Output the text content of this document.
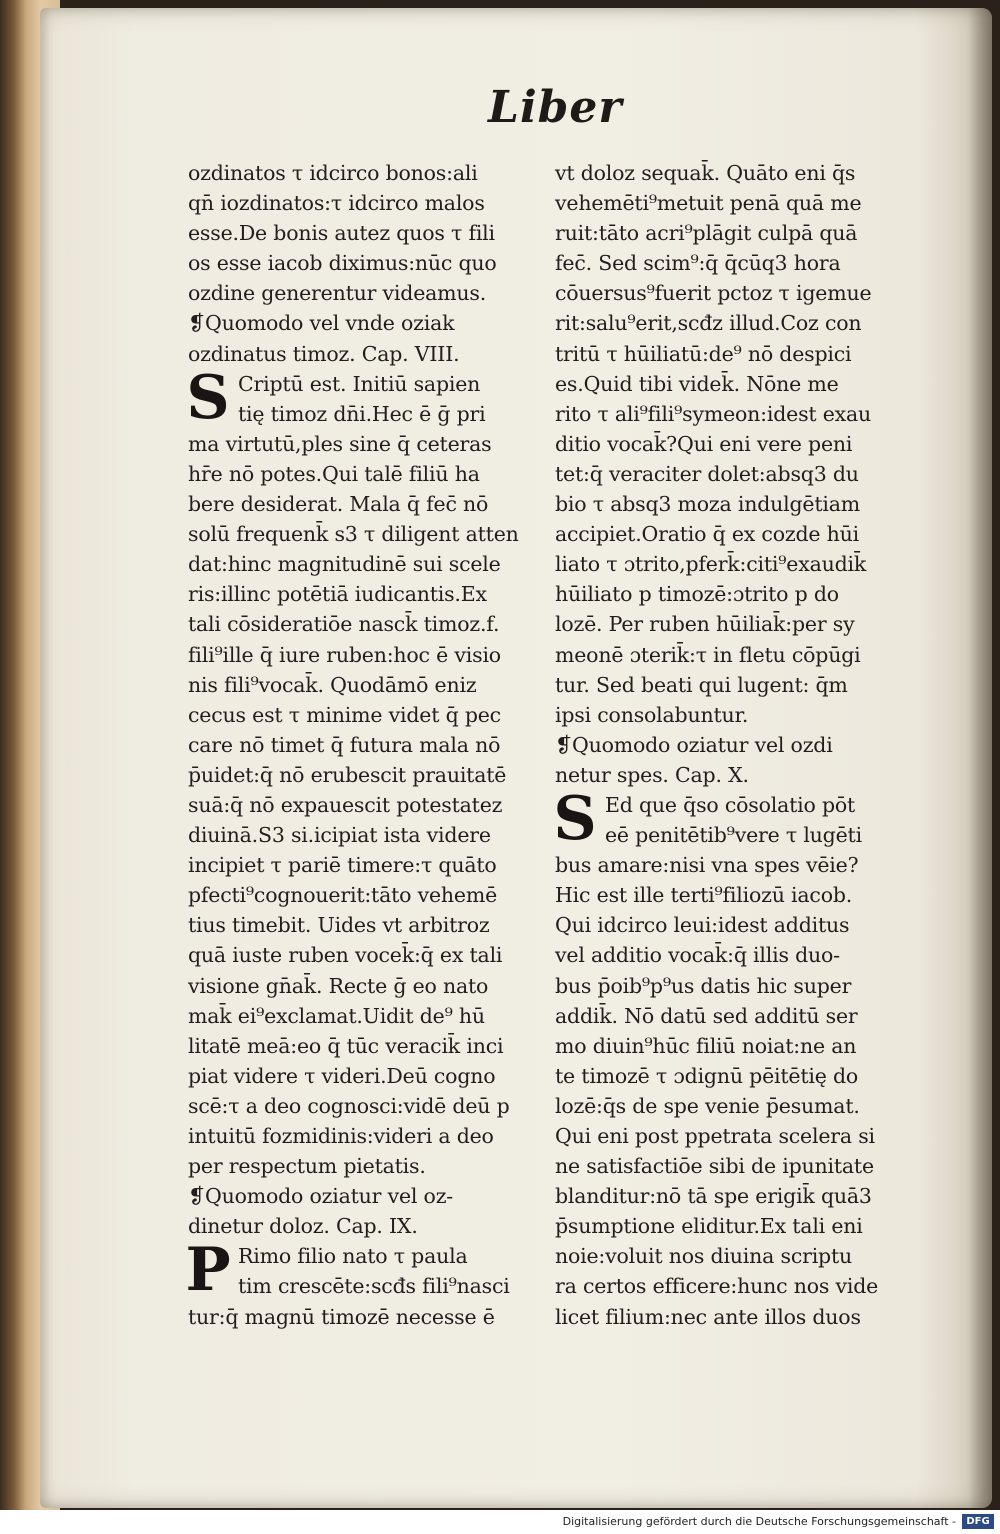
Liber
ozdinatos τ idcirco bonos:ali
qn̄ iozdinatos:τ idcirco malos
esse.De bonis autez quos τ fili
os esse iacob diximus:nūc quo
ozdine generentur videamus.
❡Quomodo vel vnde oziak
ozdinatus timoz. Cap. VIII.
S Criptū est. Initiū sapien
tię timoz dn̄i.Hec ē ḡ pri
ma virtutū,ples sine q̄ ceteras
hr̄e nō potes.Qui talē filiū ha
bere desiderat. Mala q̄ fec̄ nō
solū frequenk̄ s3 τ diligent atten
dat:hinc magnitudinē sui scele
ris:illinc potētiā iudicantis.Ex
tali cōsideratiōe nasck̄ timoz.f.
fili⁹ille q̄ iure ruben:hoc ē visio
nis fili⁹vocak̄. Quodāmō eniz
cecus est τ minime videt q̄ pec
care nō timet q̄ futura mala nō
p̄uidet:q̄ nō erubescit prauitatē
suā:q̄ nō expauescit potestatez
diuinā.S3 si.icipiat ista videre
incipiet τ pariē timere:τ quāto
pfecti⁹cognouerit:tāto vehemē
tius timebit. Uides vt arbitroz
quā iuste ruben vocek̄:q̄ ex tali
visione gn̄ak̄. Recte ḡ eo nato
mak̄ ei⁹exclamat.Uidit de⁹ hū
litatē meā:eo q̄ tūc veracik̄ inci
piat videre τ videri.Deū cogno
scē:τ a deo cognosci:vidē deū p
intuitū fozmidinis:videri a deo
per respectum pietatis.
❡Quomodo oziatur vel oz-
dinetur doloz. Cap. IX.
P Rimo filio nato τ paula
tim crescēte:scđs fili⁹nasci
tur:q̄ magnū timozē necesse ē
vt doloz sequak̄. Quāto eni q̄s
vehemēti⁹metuit penā quā me
ruit:tāto acri⁹plāgit culpā quā
fec̄. Sed scim⁹:q̄ q̄cūq3 hora
cōuersus⁹fuerit pctoz τ igemue
rit:salu⁹erit,scđz illud.Coz con
tritū τ hūiliatū:de⁹ nō despici
es.Quid tibi videk̄. Nōne me
rito τ ali⁹fili⁹symeon:idest exau
ditio vocak̄?Qui eni vere peni
tet:q̄ veraciter dolet:absq3 du
bio τ absq3 moza indulgētiam
accipiet.Oratio q̄ ex cozde hūi
liato τ ɔtrito,pferk̄:citi⁹exaudik̄
hūiliato p timozē:ɔtrito p do
lozē. Per ruben hūiliak̄:per sy
meonē ɔterik̄:τ in fletu cōpūgi
tur. Sed beati qui lugent: q̄m
ipsi consolabuntur.
❡Quomodo oziatur vel ozdi
netur spes. Cap. X.
S Ed que q̄so cōsolatio pōt
eē penitētib⁹vere τ lugēti
bus amare:nisi vna spes vēie?
Hic est ille terti⁹filiozū iacob.
Qui idcirco leui:idest additus
vel additio vocak̄:q̄ illis duo-
bus p̄oib⁹p⁹us datis hic super
addik̄. Nō datū sed additū ser
mo diuin⁹hūc filiū noiat:ne an
te timozē τ ɔdignū pēitētię do
lozē:q̄s de spe venie p̄esumat.
Qui eni post ppetrata scelera si
ne satisfactiōe sibi de ipunitate
blanditur:nō tā spe erigik̄ quā3
p̄sumptione eliditur.Ex tali eni
noie:voluit nos diuina scriptu
ra certos efficere:hunc nos vide
licet filium:nec ante illos duos
Digitalisierung gefördert durch die Deutsche Forschungsgemeinschaft -	DFG
